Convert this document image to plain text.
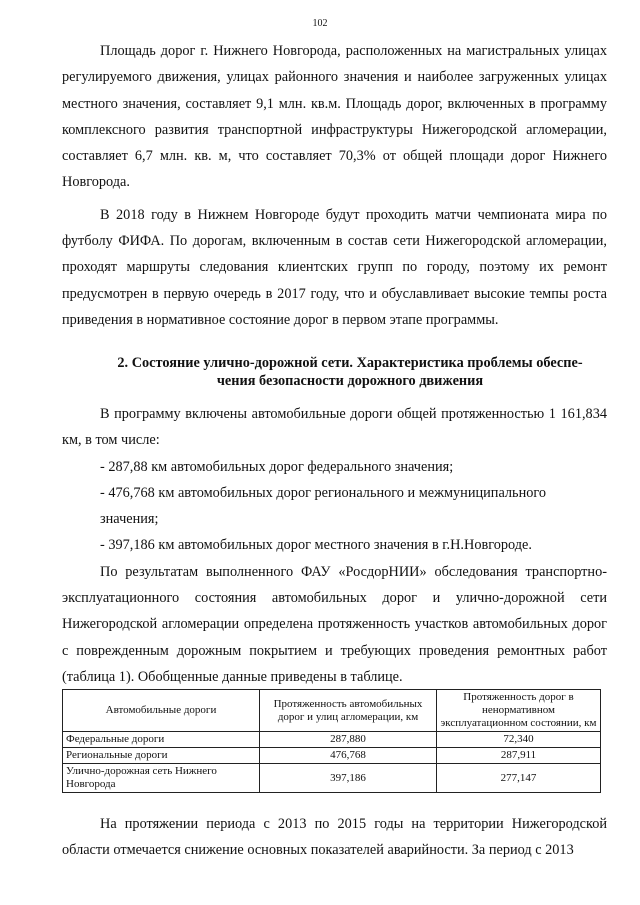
102

Площадь дорог г. Нижнего Новгорода, расположенных на магистральных улицах регулируемого движения, улицах районного значения и наиболее загруженных улицах местного значения, составляет 9,1 млн. кв.м. Площадь дорог, включенных в программу комплексного развития транспортной инфраструктуры Нижегородской агломерации, составляет 6,7 млн. кв. м, что составляет 70,3% от общей площади дорог Нижнего Новгорода.

В 2018 году в Нижнем Новгороде будут проходить матчи чемпионата мира по футболу ФИФА. По дорогам, включенным в состав сети Нижегородской агломерации, проходят маршруты следования клиентских групп по городу, поэтому их ремонт предусмотрен в первую очередь в 2017 году, что и обуславливает высокие темпы роста приведения в нормативное состояние дорог в первом этапе программы.

2. Состояние улично-дорожной сети. Характеристика проблемы обеспе-
чения безопасности дорожного движения

В программу включены автомобильные дороги общей протяженностью 1 161,834 км, в том числе:

- 287,88 км автомобильных дорог федерального значения;

- 476,768 км автомобильных дорог регионального и межмуниципального

значения;

- 397,186 км автомобильных дорог местного значения в г.Н.Новгороде.

По результатам выполненного ФАУ «РосдорНИИ» обследования транспортно-эксплуатационного состояния автомобильных дорог и улично-дорожной сети Нижегородской агломерации определена протяженность участков автомобильных дорог с поврежденным дорожным покрытием и требующих проведения ремонтных работ (таблица 1). Обобщенные данные приведены в таблице.

Автомобильные дороги	Протяженность автомобильных дорог и улиц агломерации, км	Протяженность дорог в ненормативном эксплуатационном состоянии, км
Федеральные дороги	287,880	72,340
Региональные дороги	476,768	287,911
Улично-дорожная сеть Нижнего Новгорода	397,186	277,147

На протяжении периода с 2013 по 2015 годы на территории Нижегородской области отмечается снижение основных показателей аварийности. За период с 2013
